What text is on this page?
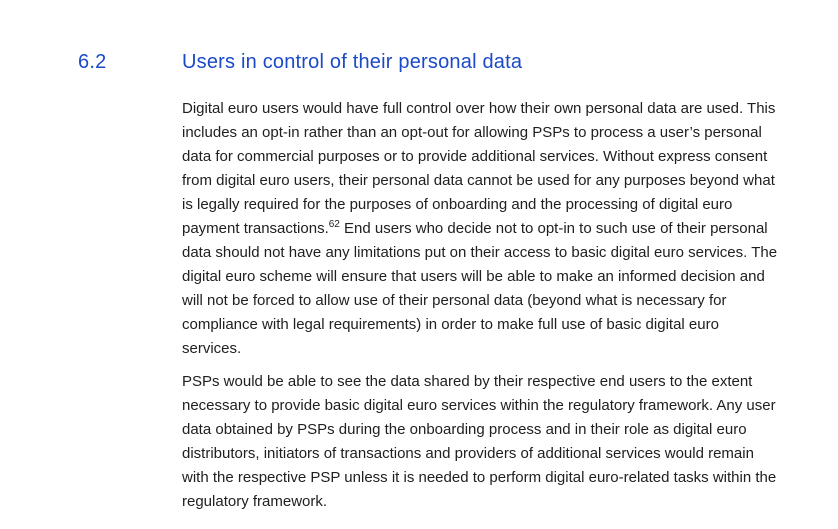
6.2	Users in control of their personal data

Digital euro users would have full control over how their own personal data are used. This includes an opt-in rather than an opt-out for allowing PSPs to process a user’s personal data for commercial purposes or to provide additional services. Without express consent from digital euro users, their personal data cannot be used for any purposes beyond what is legally required for the purposes of onboarding and the processing of digital euro payment transactions.$^{62}$ End users who decide not to opt-in to such use of their personal data should not have any limitations put on their access to basic digital euro services. The digital euro scheme will ensure that users will be able to make an informed decision and will not be forced to allow use of their personal data (beyond what is necessary for compliance with legal requirements) in order to make full use of basic digital euro services.

PSPs would be able to see the data shared by their respective end users to the extent necessary to provide basic digital euro services within the regulatory framework. Any user data obtained by PSPs during the onboarding process and in their role as digital euro distributors, initiators of transactions and providers of additional services would remain with the respective PSP unless it is needed to perform digital euro-related tasks within the regulatory framework.
